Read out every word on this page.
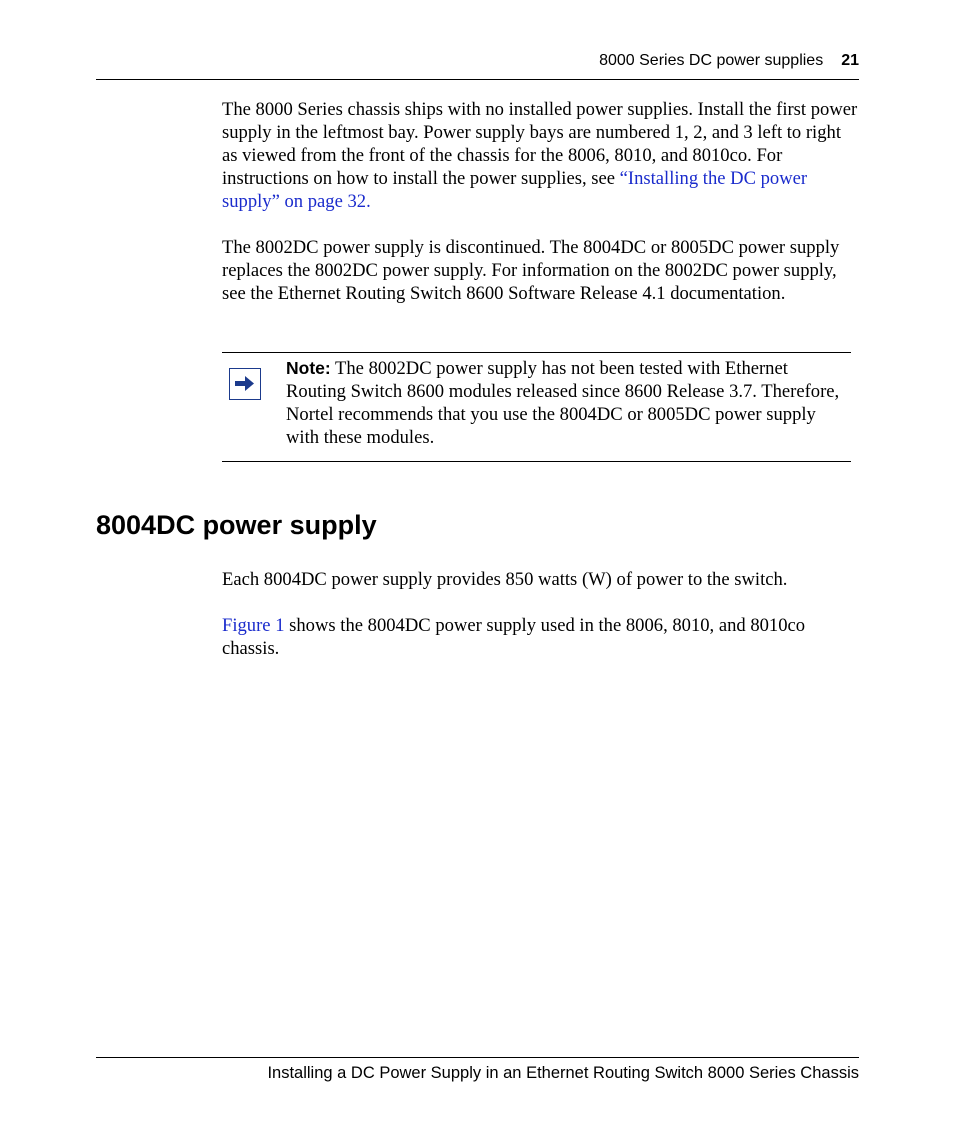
8000 Series DC power supplies 21

The 8000 Series chassis ships with no installed power supplies. Install the first power supply in the leftmost bay. Power supply bays are numbered 1, 2, and 3 left to right as viewed from the front of the chassis for the 8006, 8010, and 8010co. For instructions on how to install the power supplies, see “Installing the DC power supply” on page 32.

The 8002DC power supply is discontinued. The 8004DC or 8005DC power supply replaces the 8002DC power supply. For information on the 8002DC power supply, see the Ethernet Routing Switch 8600 Software Release 4.1 documentation.

Note: The 8002DC power supply has not been tested with Ethernet Routing Switch 8600 modules released since 8600 Release 3.7. Therefore, Nortel recommends that you use the 8004DC or 8005DC power supply with these modules.

8004DC power supply

Each 8004DC power supply provides 850 watts (W) of power to the switch.

Figure 1 shows the 8004DC power supply used in the 8006, 8010, and 8010co chassis.

Installing a DC Power Supply in an Ethernet Routing Switch 8000 Series Chassis
